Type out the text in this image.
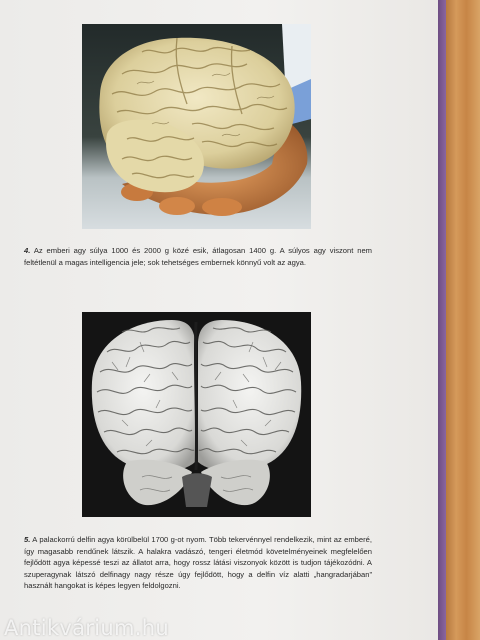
4. Az emberi agy súlya 1000 és 2000 g közé esik, átlagosan 1400 g. A súlyos agy viszont nem feltétlenül a magas intelligencia jele; sok tehetséges embernek könnyű volt az agya.
5. A palackorrú delfin agya körülbelül 1700 g-ot nyom. Több tekervénnyel rendelkezik, mint az emberé, így magasabb rendűnek látszik. A halakra vadászó, tengeri életmód követelményeinek megfelelően fejlődött agya képessé teszi az állatot arra, hogy rossz látási viszonyok között is tudjon tájékozódni. A szuperagynak látszó delfinagy nagy része úgy fejlődött, hogy a delfin víz alatti „hangradarjában” használt hangokat is képes legyen feldolgozni.
Antikvárium.hu
